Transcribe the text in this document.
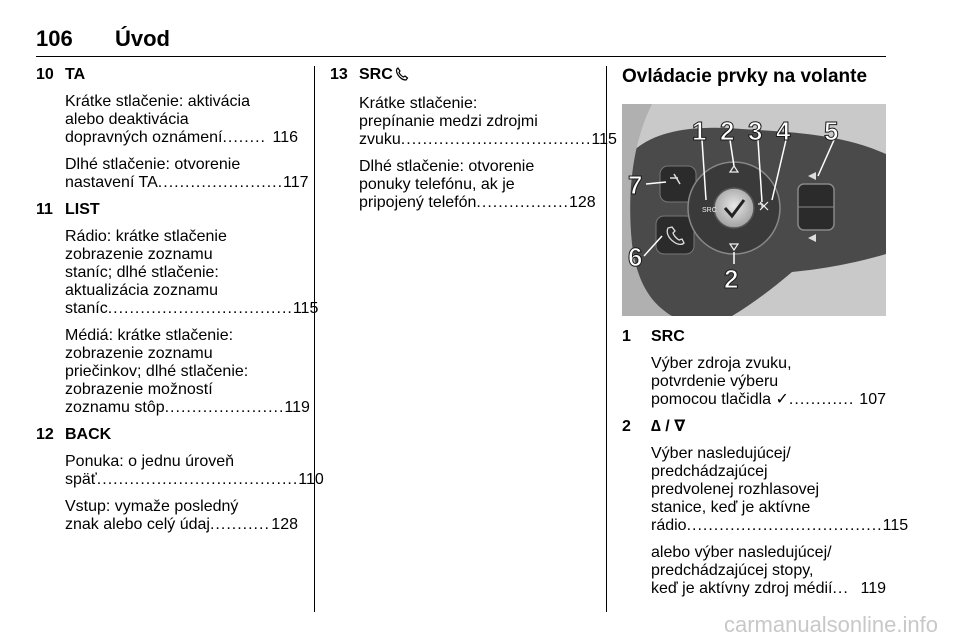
106 Úvod
10 TA
Krátke stlačenie: aktivácia
alebo deaktivácia
dopravných oznámení ........ 116
Dlhé stlačenie: otvorenie
nastavení TA ....................... 117
11 LIST
Rádio: krátke stlačenie
zobrazenie zoznamu
staníc; dlhé stlačenie:
aktualizácia zoznamu
staníc .................................. 115
Médiá: krátke stlačenie:
zobrazenie zoznamu
priečinkov; dlhé stlačenie:
zobrazenie možností
zoznamu stôp ...................... 119
12 BACK
Ponuka: o jednu úroveň
späť ..................................... 110
Vstup: vymaže posledný
znak alebo celý údaj ........... 128
13 SRC
Krátke stlačenie:
prepínanie medzi zdrojmi
zvuku ................................... 115
Dlhé stlačenie: otvorenie
ponuky telefónu, ak je
pripojený telefón ................. 128
Ovládacie prvky na volante
SRC
1 2 3 4 5
6
7
2
1	SRC
Výber zdroja zvuku,
potvrdenie výberu
pomocou tlačidla ✓ ............ 107
2	∆ / ∇
Výber nasledujúcej/
predchádzajúcej
predvolenej rozhlasovej
stanice, keď je aktívne
rádio .................................... 115
alebo výber nasledujúcej/
predchádzajúcej stopy,
keď je aktívny zdroj médií ... 119
carmanualsonline.info
